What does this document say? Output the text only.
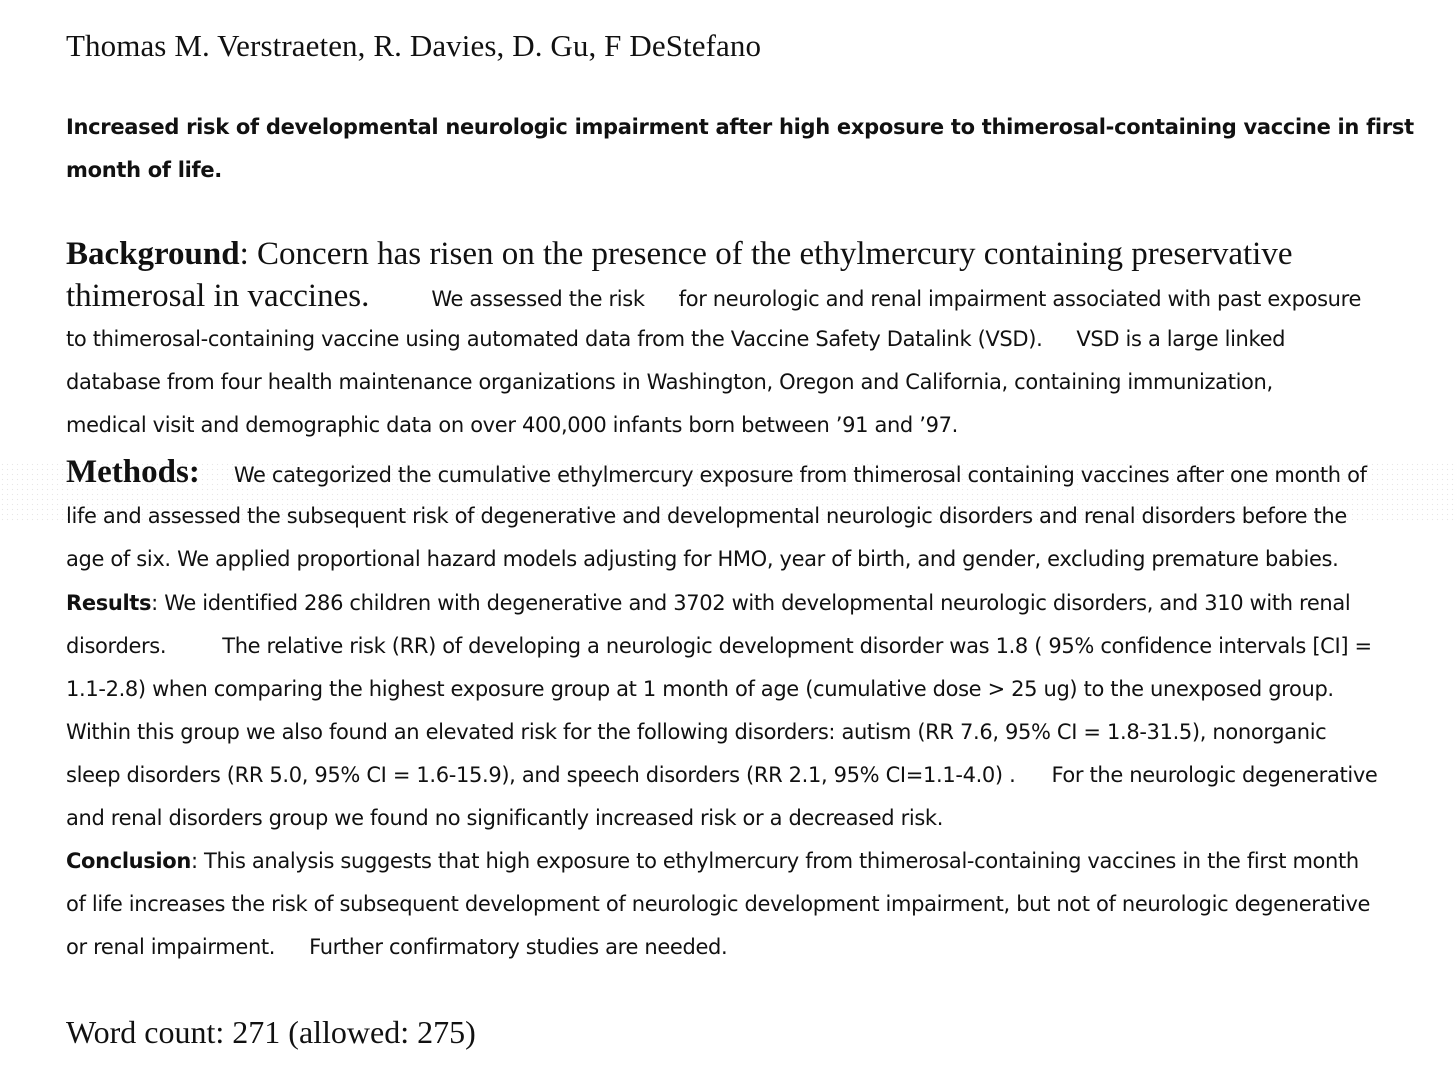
Thomas M. Verstraeten, R. Davies, D. Gu, F DeStefano
Increased risk of developmental neurologic impairment after high exposure to thimerosal-containing vaccine in first
month of life.
Background: Concern has risen on the presence of the ethylmercury containing preservative
thimerosal in vaccines.	We assessed the risk for neurologic and renal impairment associated with past exposure
to thimerosal-containing vaccine using automated data from the Vaccine Safety Datalink (VSD). VSD is a large linked
database from four health maintenance organizations in Washington, Oregon and California, containing immunization,
medical visit and demographic data on over 400,000 infants born between ’91 and ’97.
Methods: We categorized the cumulative ethylmercury exposure from thimerosal containing vaccines after one month of
life and assessed the subsequent risk of degenerative and developmental neurologic disorders and renal disorders before the
age of six. We applied proportional hazard models adjusting for HMO, year of birth, and gender, excluding premature babies.
Results: We identified 286 children with degenerative and 3702 with developmental neurologic disorders, and 310 with renal
disorders.	The relative risk (RR) of developing a neurologic development disorder was 1.8 ( 95% confidence intervals [CI] =
1.1-2.8) when comparing the highest exposure group at 1 month of age (cumulative dose > 25 ug) to the unexposed group.
Within this group we also found an elevated risk for the following disorders: autism (RR 7.6, 95% CI = 1.8-31.5), nonorganic
sleep disorders (RR 5.0, 95% CI = 1.6-15.9), and speech disorders (RR 2.1, 95% CI=1.1-4.0) . For the neurologic degenerative
and renal disorders group we found no significantly increased risk or a decreased risk.
Conclusion: This analysis suggests that high exposure to ethylmercury from thimerosal-containing vaccines in the first month
of life increases the risk of subsequent development of neurologic development impairment, but not of neurologic degenerative
or renal impairment. Further confirmatory studies are needed.
Word count: 271 (allowed: 275)
